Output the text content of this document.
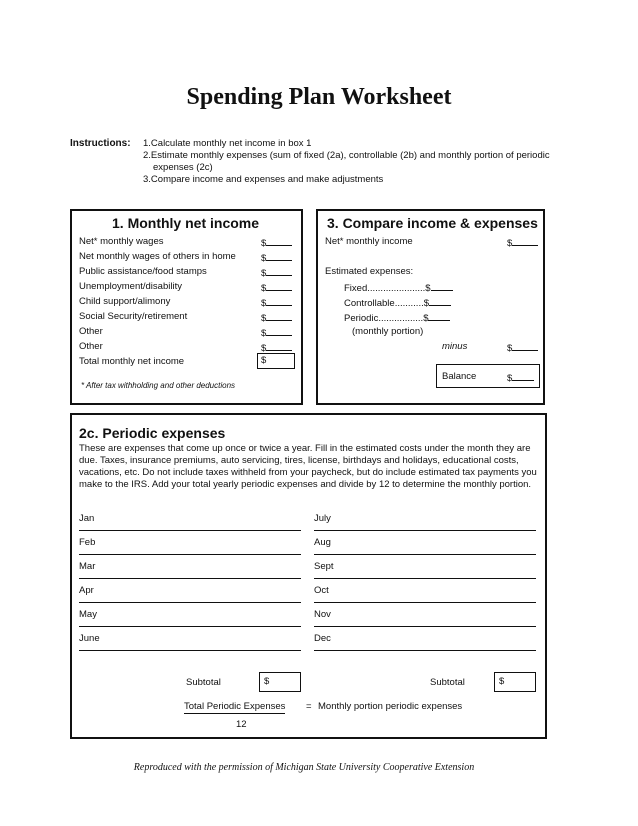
Spending Plan Worksheet
Instructions: 1.Calculate monthly net income in box 1
2.Estimate monthly expenses (sum of fixed (2a), controllable (2b) and monthly portion of periodic expenses (2c)
3.Compare income and expenses and make adjustments
1. Monthly net income
Net* monthly wages	$
Net monthly wages of others in home	$
Public assistance/food stamps	$
Unemployment/disability	$
Child support/alimony	$
Social Security/retirement	$
Other	$
Other	$
Total monthly net income	$
* After tax withholding and other deductions
3. Compare income & expenses
Net* monthly income	$
Estimated expenses:
Fixed......................$
Controllable...........$
Periodic.................$
(monthly portion)
minus	$
Balance	$
2c. Periodic expenses
These are expenses that come up once or twice a year. Fill in the estimated costs under the month they are due. Taxes, insurance premiums, auto servicing, tires, license, birthdays and holidays, educational costs, vacations, etc. Do not include taxes withheld from your paycheck, but do include estimated tax payments you make to the IRS. Add your total yearly periodic expenses and divide by 12 to determine the monthly portion.
Jan	July
Feb	Aug
Mar	Sept
Apr	Oct
May	Nov
June	Dec
Subtotal	$	Subtotal	$
Total Periodic Expenses = Monthly portion periodic expenses
12
Reproduced with the permission of Michigan State University Cooperative Extension
